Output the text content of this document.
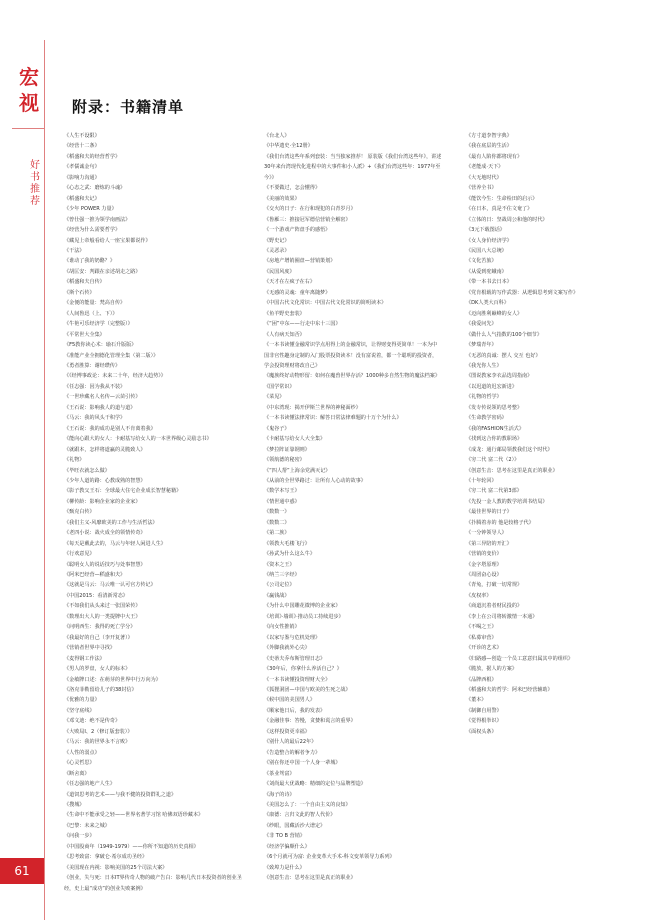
宏
视
好
书
推
荐
附录：书籍清单
《人生不设限》
《经营十二条》
《稻盛和夫的经营哲学》
《孝儒诚金句》
《影响力沟通》
《心态之武：磨炼的斗魂》
《稻盛和夫记》
《少年 POWER 力量》
《曾仕强一推为领学南画法》
《经营为什么需要哲学》
《藏见上帝般看给人一座宝果都说作》
《干法》
《谁动了我的奶酪？》
《胡匡安：判跟在亲述胡走之路》
《稻盛和夫自传》
《斯个石传》
《金便的能量：梵高自传》
《人间鲁迅（上、下）》
《牛艳可乐经济学（完整版）》
《平常世大全集》
《F5教你读心术：瑜石升版版》
《准能产业全拥德化管理全集（第二版）》
《勇者胜算：谢经瓒传》
《《经博事政论：未来二十年，经济大趋势》》
《任志强：因为我从不装》
《一世珍藏名人名传—云苗引传》
《王石说：影响我人的道与道》
《马云：我的风头干积学》
《王石说：我的成功是别人不肯离着我》
《能向心跟大的女人：卡耐基写给女人的一本世界级心灵励志书》
《就跟本，怎样将道赢的灵脆致人》
《礼物》
《毕旺衣就怎么做》
《少年人道的路：心教成熟的智慧》
《影子教父王石：全球最大住宅企业成长智慧秘籍》
《柳传龄：影响企业家的企业家》
《甄克白传》
《我们主义-风靡欧美的工作与生活哲法》
《老四小说：战火成全的领情传奇》
《每天是戴此去的，马云与年轻人闲进人生》
《行欢意见》
《聪明女人的说话技巧与处事智慧》
《阿米巴经营—稻盛和夫》
《这就是马云：马云唯一认可官方传记》
《中国2015：看清新常态》
《不如我们从头来过一张国荣传》
《数理出大人的一类提牌中大王》
《问明西生：我得的死亡学分》
《我最好的自己（李开复著）》
《营销者世界中寻找》
《麦得钢工作法》
《男人的罗盘，女人的标本》
《金敏牌口述：在萌芽的世界中行万向为》
《洛克菲勒留给儿子的38封信》
《优雅的力量》
《坚守底线》
《邓文迪：绝不是传奇》
《大败局I、2（修订版套装）》
《马云：我的世界永不言败》
《人性的弱点》
《心灵哲思》
《断舍离》
《任志强的地产人生》
《道饲思考的艺术——与我不健的投资群礼之道》
《搜城》
《生命中不能承受之轻——世界名著学习馆 哈佛双语珍藏本》
《巴黎：未来之城》
《问我一步》
《中国股商年（1949-1979）——你所不知道的历史真相》
《思考致富：拿破仑·希尔成功圣经》
《美国现在内视：影响美国的25个司法大案》
《创业，失与死：日本IT界传奇人物的破产告白：影响几代日本投资者的创业圣经，史上最“成功”的创业失败案例》
《台北人》
《中华遗史·全12册》
《我们台湾这些年系列套装：当当独家推荐！ 原装版《我们台湾这些年》，讲述30年来台湾现代化进程中的大事件和小人派》+《我们台湾这些年：1977年至今》》
《不要做过，怎会懂得》
《美丽的效果》
《交火的日子：在行和现犯的白青岁月》
《鲁雁三：推接冠军德信营销全解密》
《一个游戏产阵盘手的感悟》
《野史记》
《灵恶录》
《房地产增销圈盘—营销策划》
《民国风度》
《天才在左疯子在右》
《无感的灵魂：童年离随梦》
《中国古代文化常识：中国古代文化常识的简明读本》
《鱼羊野史套装》
《“困”中东——行走中东十三国》
《人有病天知否》
《一本书读懂金融常识学点用得上的金融常识，让得财变得更简单！一本为中国非官性趣身定制的入门股票投资读本！没有富说着，都一个聪明的投资者，学会投资理财将改自己》
《魔族终好动物形留：如何在魔兽世界存活？1000种多自然生物的魔法档案》
《国学常识》
《菜见》
《中东湾现：揭开伊斯兰世界的神秘面纱》
《一本书读懂法律常识：解答日常法律难题的十万个为什么》
《鬼谷子》
《卡耐基写给女人大全集》
《梦拉阵证靠钢则》
《领航德的秘密》
《“四人帮”上海余党满灭记》
《从前的全世界路过：让所有人心动的故事》
《数学本写王》
《情世通中惑》
《数数一》
《数数二》
《第二族》
《领教大毛楼飞行》
《孙武为什么这么牛》
《资本之王》
《纳兰三字经》
《公司定位》
《赢钱战》
《为什么中国雕花微博的企业家》
《培训》·墙训》·推动员工持续进步》
《向女性推销》
《以家写鉴与危机处理》
《外脚我就外心尖》
《史蒂夫乔布斯管理日志》
《30年后，你拿什么养活自己？》
《一本书读懂投资理财大全》
《狐狸洞团—中国与欧美的生死之战》
《候中国的美国男人》
《顺家他日后，我的发表》
《金融佳事：答慢，贪婪和谎言的重界》
《这样投资更幸福》
《别什人的最后22年》
《告造整合的解者争力》
《别在你还中国一个人身一辈城》
《茶业驾富》
《刘尚最大优战略：精细的定位与品牌塑造》
《海子的诗》
《美国怎么了：一个自由主义的良知》
《康德：言归文此的智人代价》
《纱眼，国藏活沙大谱定》
《非 TO B 营销》
《经济学偏颇什么》
《6个月就可为富: 企业变革大手术-科文变革领导力系列》
《致埠力是什么》
《创意生击：思考在这里是真正的职业》
《方寸道李智字典》
《我在底层的生活》
《最有人陷你都将现有》
《老能成·天下》
《大无地时代》
《营养全书》
《能饮今生：生命检田的启示》
《在日本，真是不住文奄了》
《立体的日：坚战周公和他的时代》
《3元下载图话》
《女人身价经济学》
《民国八大总统》
《文化苦旅》
《从爱到驼蛾南》
《带一本书去日本》
《党肯根载的写作武器：从逻辑思考到文案写作》
《DK人类大百科》
《迈向胜利巅峰的女人》
《我爱问先》
《做什么人气指数的100个细节》
《梦瑞青年》
《无恶的真诚：摆人 交互 也好》
《我光你人生》
《图说教家李衣品选周指南》
《以迟道的迟宏新进》
《礼物的哲学》
《发专传说领的思考整》
《生命教学密码》
《我的FASHION生活式》
《找到这合你的教职场》
《成龙：通行邮局领教我们这个时代》
《穷二代 富二代（2）》
《创意生击：思考在这里是真正的职业》
《十年轮回》
《穷二代 富二代第3部》
《先投一金人教的数学培训书结局》
《最佳世界的日子》
《扑腾着赤的 他是较格子代》
《一分钟领导人》
《第三异陪的开汇》
《营销的变价》
《金字塔原理》
《周团奋心设》
《青兔，打破一切常规》
《皮权率》
《商道沉着者财民投的》
《李上在公司将转激情一本通》
《不喝之王》
《私募审营》
《开诊的艺术》
《归路感—创造一个员工意意归属其中的组织》
《脆放，据人的方案》
《品牌西根》
《稻盛和夫的哲学：阿米巴经营辅助》
《董本》
《制御自用警》
《觉得根拳识》
《面权头条》
61
